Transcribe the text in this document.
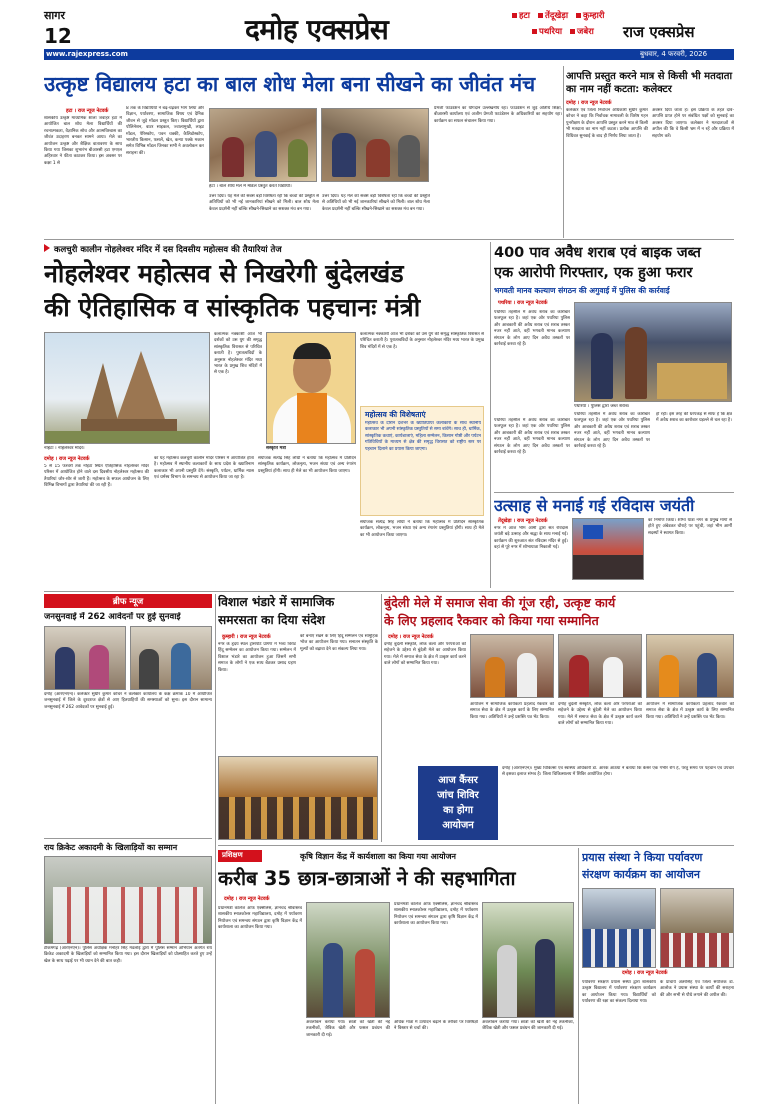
सागर
12	दमोह एक्सप्रेस	हटा तेंदूखेड़ा कुम्हारी
पथरिया जबेरा राज एक्सप्रेस
www.rajexpress.com	बुधवार, 4 फरवरी, 2026
उत्कृष्ट विद्यालय हटा का बाल शोध मेला बना सीखने का जीवंत मंच
हटा । राज न्यूज नेटवर्क
शासकीय उत्कृष्ट माध्यमिक शाला जवाहर हटा में आयोजित बाल शोध मेला विद्यार्थियों की रचनात्मकता, वैज्ञानिक सोच और आत्मविश्वास का जीवंत उदाहरण बनकर सामने आया। मेले का आयोजन उत्कृष्ट और शैक्षिक वातावरण के साथ किया गया जिसका शुभारंभ बीआरसी हटा एमएल अहिरवार ने फीता काटकर किया। इस अवसर पर कक्षा 1 से
8 तक के विद्यार्थियों ने बढ़-चढ़कर भाग लिया और विज्ञान, पर्यावरण, सामाजिक विषय एवं दैनिक जीवन से जुड़े मॉडल प्रस्तुत किए। विद्यार्थियों द्वारा पोलिनेशन, वाटर साइकल, ज्वालामुखी, लाइट मॉडल, पेरिस्कोप, पवन चक्की, कैलिडोस्कोप, भारतीय किसान, फसलें, खेत, कन्या पक्के मकान समेत विभिन्न मॉडल जिनका सभी ने अवलोकन कर सराहना की।
हटा । बाल शोध मेले में मॉडल प्रस्तुत करते विद्यार्थी।
उत्तर दिया। यह मेले की सबसे बड़ी विशेषता रही कि बच्चों की प्रस्तुति से अतिथियों को भी नई जानकारियां सीखने को मिली। बाल शोध मेला केवल प्रदर्शनी नहीं बल्कि सीखने-सिखाने का सशक्त मंच बन गया।
उत्तर दिया। यह मेले की सबसे बड़ी विशेषता रही कि बच्चों की प्रस्तुति से अतिथियों को भी नई जानकारियां सीखने को मिली। बाल शोध मेला केवल प्रदर्शनी नहीं बल्कि सीखने-सिखाने का सशक्त मंच बन गया।
प्रेमजी फाउंडेशन का योगदान उल्लेखनीय रहा। फाउंडेशन से जुड़े अतिथि शिक्षा, बीआरसी कार्यालय एवं अजीम प्रेमजी फाउंडेशन के अधिकारियों का सहयोग रहा। कार्यक्रम का सफल संचालन किया गया।
आपत्ति प्रस्तुत करने मात्र से किसी भी मतदाता का नाम नहीं कटता: कलेक्टर
दमोह । राज न्यूज नेटवर्क
कलेक्टर एवं जिला निर्वाचन अधिकारी सुधीर कुमार कोचर ने कहा कि निर्वाचक नामावली के विशेष गहन पुनरीक्षण के दौरान आपत्ति प्रस्तुत करने मात्र से किसी भी मतदाता का नाम नहीं कटता। प्रत्येक आपत्ति की विधिवत सुनवाई के बाद ही निर्णय लिया जाता है।
अवसर दिया जाता है। इस प्रक्रिया के तहत दावे-आपत्ति प्राप्त होने पर संबंधित पक्षों को सुनवाई का अवसर दिया जाएगा। कलेक्टर ने मतदाताओं से अपील की कि वे किसी भ्रम में न रहें और प्रक्रिया में सहयोग करें।
कलचुरी कालीन नोहलेश्वर मंदिर में दस दिवसीय महोत्सव की तैयारियां तेज
नोहलेश्वर महोत्सव से निखरेगी बुंदेलखंड
की ऐतिहासिक व सांस्कृतिक पहचानः मंत्री
नोहटा । नोहलेश्वर मंदिर।	संस्कृति मंत्री
कलात्मक नक्काशी आज भी दर्शकों को उस युग की समृद्ध सांस्कृतिक विरासत से परिचित कराती है। पुरातत्वविदों के अनुसार नोहलेश्वर मंदिर मध्य भारत के प्रमुख शिव मंदिरों में से एक है।
कलात्मक नक्काशी आज भी दर्शकों को उस युग की समृद्ध सांस्कृतिक विरासत से परिचित कराती है। पुरातत्वविदों के अनुसार नोहलेश्वर मंदिर मध्य भारत के प्रमुख शिव मंदिरों में से एक है।
महोत्सव की विशेषताएं
महोत्सव के दौरान देशभर के ख्यातिप्राप्त कलाकारों के साथ स्थानीय कलाकार भी अपनी सांस्कृतिक प्रस्तुतियों से समा बांधेंगे। साथ ही, धार्मिक, सांस्कृतिक कथाएं, कार्यशालाएं, महिला सम्मेलन, किसान गोष्ठी और पर्यटन गतिविधियों के माध्यम से क्षेत्र की समृद्ध विरासत को राष्ट्रीय स्तर पर पहचान दिलाने का प्रयास किया जाएगा।
दमोह । राज न्यूज नेटवर्क
5 से 15 फरवरी तक नोहटा स्थित ऐतिहासिक नोहलेश्वर मंदिर परिसर में आयोजित होने वाले दस दिवसीय नोहलेश्वर महोत्सव की तैयारियां जोर-शोर से जारी हैं। महोत्सव के सफल आयोजन के लिए विभिन्न विभागों द्वारा तैयारियां की जा रही हैं।
का यह महोत्सव कलचुरी कालीन मंदिर परिसर में आयोजित होता है। महोत्सव में स्थानीय कलाकारों के साथ प्रदेश के ख्यातिनाम कलाकार भी अपनी प्रस्तुति देंगे। संस्कृति, पर्यटन, धार्मिक न्यास एवं धर्मस्व विभाग के समन्वय से आयोजन किया जा रहा है।
संयोजक सत्येंद्र सिंह लोधी ने बताया कि महोत्सव में प्रतिदिन सांस्कृतिक कार्यक्रम, लोकनृत्य, भजन संध्या एवं अन्य रंगारंग प्रस्तुतियां होंगी। साथ ही मेले का भी आयोजन किया जाएगा।
संयोजक सत्येंद्र सिंह लोधी ने बताया कि महोत्सव में प्रतिदिन सांस्कृतिक कार्यक्रम, लोकनृत्य, भजन संध्या एवं अन्य रंगारंग प्रस्तुतियां होंगी। साथ ही मेले का भी आयोजन किया जाएगा।
400 पाव अवैध शराब एवं बाइक जब्त
एक आरोपी गिरफ्तार, एक हुआ फरार
भगवती मानव कल्याण संगठन की अगुवाई में पुलिस की कार्रवाई
पथरिया । राज न्यूज नेटवर्क
पथरिया तहसील में अवैध शराब का कारोबार फलफूल रहा है। जहां एक ओर पथरिया पुलिस और आबकारी की अवैध शराब एवं शराब तस्कर नजर नहीं आते, वहीं भगवती मानव कल्याण संगठन के लोग आए दिन अवैध तस्करों पर कार्रवाई करवा रहे हैं।
पथरिया तहसील में अवैध शराब का कारोबार फलफूल रहा है। जहां एक ओर पथरिया पुलिस और आबकारी की अवैध शराब एवं शराब तस्कर नजर नहीं आते, वहीं भगवती मानव कल्याण संगठन के लोग आए दिन अवैध तस्करों पर कार्रवाई करवा रहे हैं।
पथरिया । पुलिस द्वारा जब्त शराब।
पथरिया तहसील में अवैध शराब का कारोबार फलफूल रहा है। जहां एक ओर पथरिया पुलिस और आबकारी की अवैध शराब एवं शराब तस्कर नजर नहीं आते, वहीं भगवती मानव कल्याण संगठन के लोग आए दिन अवैध तस्करों पर कार्रवाई करवा रहे हैं।
हो रही। इस तरह की धरपकड़ से साफ है कि क्षेत्र में अवैध शराब का कारोबार धड़ल्ले से चल रहा है।
उत्साह से मनाई गई रविदास जयंती
तेंदूखेड़ा । राज न्यूज नेटवर्क
नगर में आज भीम आर्मी द्वारा संत रविदास जयंती बड़े उत्साह और श्रद्धा के साथ मनाई गई। कार्यक्रम की शुरुआत संत रविदास मंदिर से हुई। वहां से पूरे नगर में शोभायात्रा निकाली गई।
का निर्माण किया। शोभा यात्रा नगर के प्रमुख मार्गों से होते हुए अंबेडकर चौराहे पर पहुंची, जहां भीम आर्मी सदस्यों ने स्वागत किया।
ब्रीफ न्यूज
जनसुनवाई में 262 आवेदनों पर हुई सुनवाई
दमोह (आरएनएन)। कलेक्टर सुधीर कुमार कोचर ने कलेक्टर कार्यालय के कक्ष क्रमांक 10 में आयोजित जनसुनवाई में जिले के दूरदराज क्षेत्रों से आए हितग्राहियों की समस्याओं को सुना। इस दौरान सामान्य जनसुनवाई में 262 आवेदकों पर सुनवाई हुई।
राय क्रिकेट अकादमी के खिलाड़ियों का सम्मान
टीकमगढ़ (आरएनएन)। पुलिस अधीक्षक मनोहर सिंह मंडलोई द्वारा मैं पुलिस सम्मान अभियान अंतर्गत राय क्रिकेट अकादमी के खिलाड़ियों को सम्मानित किया गया। इस दौरान खिलाड़ियों को प्रोत्साहित करते हुए उन्हें खेल के साथ पढ़ाई पर भी ध्यान देने की बात कही।
विशाल भंडारे में सामाजिक
समरसता का दिया संदेश
कुम्हारी । राज न्यूज नेटवर्क
नगर के हृदय स्थल ट्रांसपोर्ट प्रांगण में भव्य विराट हिंदू सम्मेलन का आयोजन किया गया। सम्मेलन में विशाल भंडारे का आयोजन हुआ जिसमें सभी समाज के लोगों ने एक साथ बैठकर प्रसाद ग्रहण किया।
को बनाए रखने के लिए हिंदू सम्मेलन एवं सामूहिक भोज का आयोजन किया गया। सनातन संस्कृति के मूल्यों को बढ़ावा देने का संकल्प लिया गया।
बुंदेली मेले में समाज सेवा की गूंज रही, उत्कृष्ट कार्य
के लिए प्रहलाद रैकवार को किया गया सम्मानित
दमोह । राज न्यूज नेटवर्क
दमोह बुंदेली संस्कृति, लोक कला और परंपराओं को सहेजने के उद्देश्य से बुंदेली मेले का आयोजन किया गया। मेले में समाज सेवा के क्षेत्र में उत्कृष्ट कार्य करने वाले लोगों को सम्मानित किया गया।
आयोजन में सामाजिक कार्यकर्ता प्रहलाद रैकवार को समाज सेवा के क्षेत्र में उत्कृष्ट कार्य के लिए सम्मानित किया गया। अतिथियों ने उन्हें प्रशस्ति पत्र भेंट किया।
दमोह बुंदेली संस्कृति, लोक कला और परंपराओं को सहेजने के उद्देश्य से बुंदेली मेले का आयोजन किया गया। मेले में समाज सेवा के क्षेत्र में उत्कृष्ट कार्य करने वाले लोगों को सम्मानित किया गया।
आयोजन में सामाजिक कार्यकर्ता प्रहलाद रैकवार को समाज सेवा के क्षेत्र में उत्कृष्ट कार्य के लिए सम्मानित किया गया। अतिथियों ने उन्हें प्रशस्ति पत्र भेंट किया।
आज कैंसर
जांच शिविर
का होगा
आयोजन
दमोह (आरएनएन)। मुख्य चिकित्सा एवं स्वास्थ्य अधिकारी डॉ. आरके आठया ने बताया कि कैंसर एक गंभीर रोग है, परंतु समय पर पहचान एवं उपचार से इसका इलाज संभव है। जिला चिकित्सालय में शिविर आयोजित होगा।
प्रशिक्षण	कृषि विज्ञान केंद्र में कार्यशाला का किया गया आयोजन
करीब 35 छात्र-छात्राओं ने की सहभागिता
दमोह । राज न्यूज नेटवर्क
प्रधानमंत्री कॉलेज ऑफ एक्सीलेंस, ज्ञानचंद श्रीवास्तव शासकीय स्नातकोत्तर महाविद्यालय, दमोह में पर्यावरण नियोजन एवं समन्वय संगठन द्वारा कृषि विज्ञान केंद्र में कार्यशाला का आयोजन किया गया।
अवलोकन कराया गया। छात्रों को खेती की नई तकनीकों, जैविक खेती और फसल प्रबंधन की जानकारी दी गई।
प्रधानमंत्री कॉलेज ऑफ एक्सीलेंस, ज्ञानचंद श्रीवास्तव शासकीय स्नातकोत्तर महाविद्यालय, दमोह में पर्यावरण नियोजन एवं समन्वय संगठन द्वारा कृषि विज्ञान केंद्र में कार्यशाला का आयोजन किया गया।
अधिक मात्रा में उत्पादन बढ़ाने के तरीकों पर विशेषज्ञों ने विस्तार से चर्चा की।
अवलोकन कराया गया। छात्रों को खेती की नई तकनीकों, जैविक खेती और फसल प्रबंधन की जानकारी दी गई।
प्रयास संस्था ने किया पर्यावरण
संरक्षण कार्यक्रम का आयोजन
दमोह । राज न्यूज नेटवर्क
पर्यावरण संरक्षण प्रयास संस्था द्वारा शासकीय उत्कृष्ट विद्यालय में पर्यावरण संरक्षण कार्यक्रम का आयोजन किया गया। विद्यार्थियों को पर्यावरण की रक्षा का संकल्प दिलाया गया।
के प्राचार्य अंतरसिंह एवं जिला संयोजक डॉ. आलोक ने प्रयास संस्था के कार्यों की सराहना की और सभी से पौधे लगाने की अपील की।
